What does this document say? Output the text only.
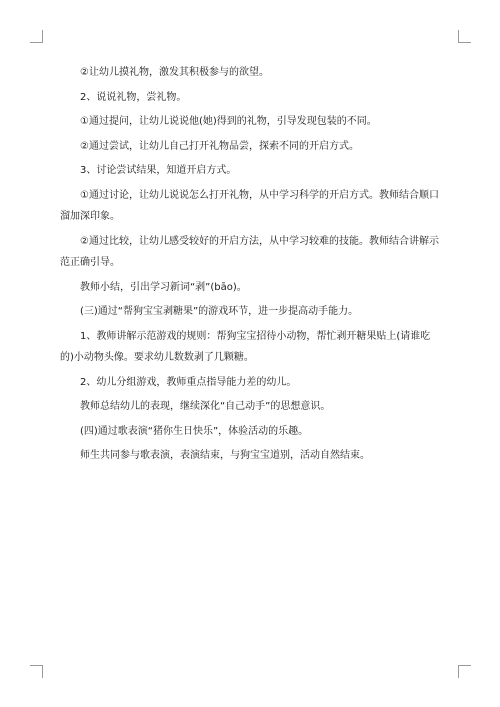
②让幼儿摸礼物，激发其积极参与的欲望。

2、说说礼物，尝礼物。

①通过提问，让幼儿说说他(她)得到的礼物，引导发现包装的不同。

②通过尝试，让幼儿自己打开礼物品尝，探索不同的开启方式。

3、讨论尝试结果，知道开启方式。

①通过讨论，让幼儿说说怎么打开礼物，从中学习科学的开启方式。教师结合顺口溜加深印象。

②通过比较，让幼儿感受较好的开启方法，从中学习较难的技能。教师结合讲解示范正确引导。

教师小结，引出学习新词“剥”(bāo)。

(三)通过“帮狗宝宝剥糖果”的游戏环节，进一步提高动手能力。

1、教师讲解示范游戏的规则：帮狗宝宝招待小动物，帮忙剥开糖果贴上(请谁吃的)小动物头像。要求幼儿数数剥了几颗糖。

2、幼儿分组游戏，教师重点指导能力差的幼儿。

教师总结幼儿的表现，继续深化“自己动手”的思想意识。

(四)通过歌表演“猪你生日快乐”，体验活动的乐趣。

师生共同参与歌表演，表演结束，与狗宝宝道别，活动自然结束。
